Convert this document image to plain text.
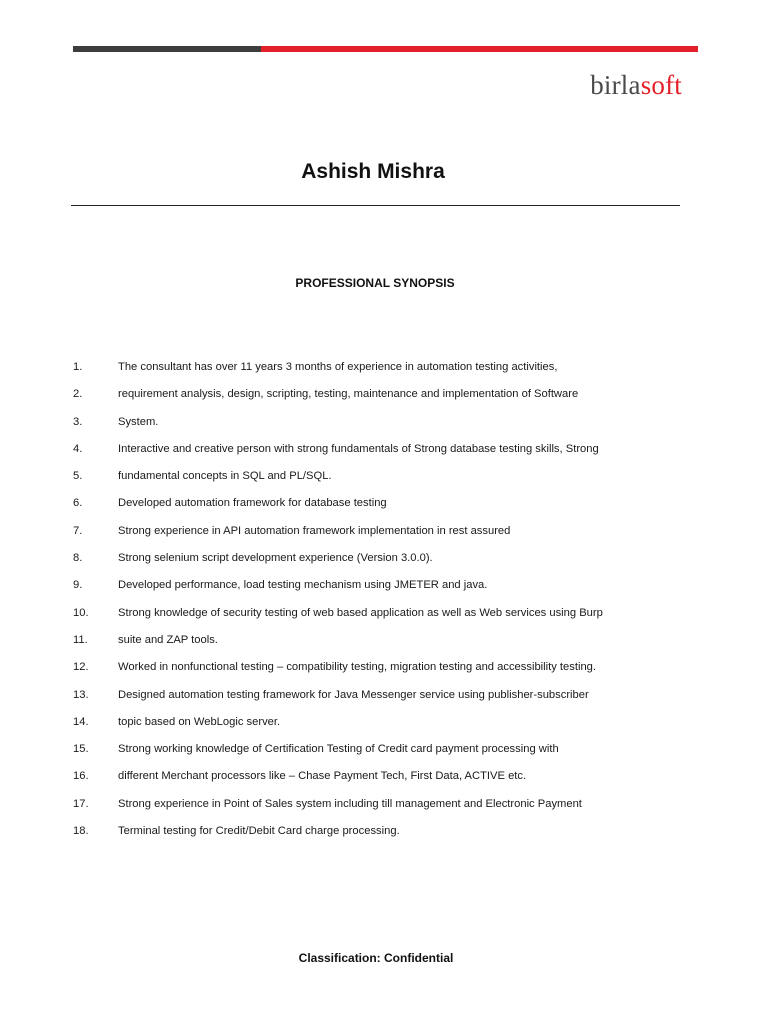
birlasoft
Ashish Mishra
PROFESSIONAL SYNOPSIS
1.	The consultant has over 11 years 3 months of experience in automation testing activities,
2.	requirement analysis, design, scripting, testing, maintenance and implementation of Software
3.	System.
4.	Interactive and creative person with strong fundamentals of Strong database testing skills, Strong
5.	fundamental concepts in SQL and PL/SQL.
6.	Developed automation framework for database testing
7.	Strong experience in API automation framework implementation in rest assured
8.	Strong selenium script development experience (Version 3.0.0).
9.	Developed performance, load testing mechanism using JMETER and java.
10.	Strong knowledge of security testing of web based application as well as Web services using Burp
11.	suite and ZAP tools.
12.	Worked in nonfunctional testing – compatibility testing, migration testing and accessibility testing.
13.	Designed automation testing framework for Java Messenger service using publisher-subscriber
14.	topic based on WebLogic server.
15.	Strong working knowledge of Certification Testing of Credit card payment processing with
16.	different Merchant processors like – Chase Payment Tech, First Data, ACTIVE etc.
17.	Strong experience in Point of Sales system including till management and Electronic Payment
18.	Terminal testing for Credit/Debit Card charge processing.
Classification: Confidential
